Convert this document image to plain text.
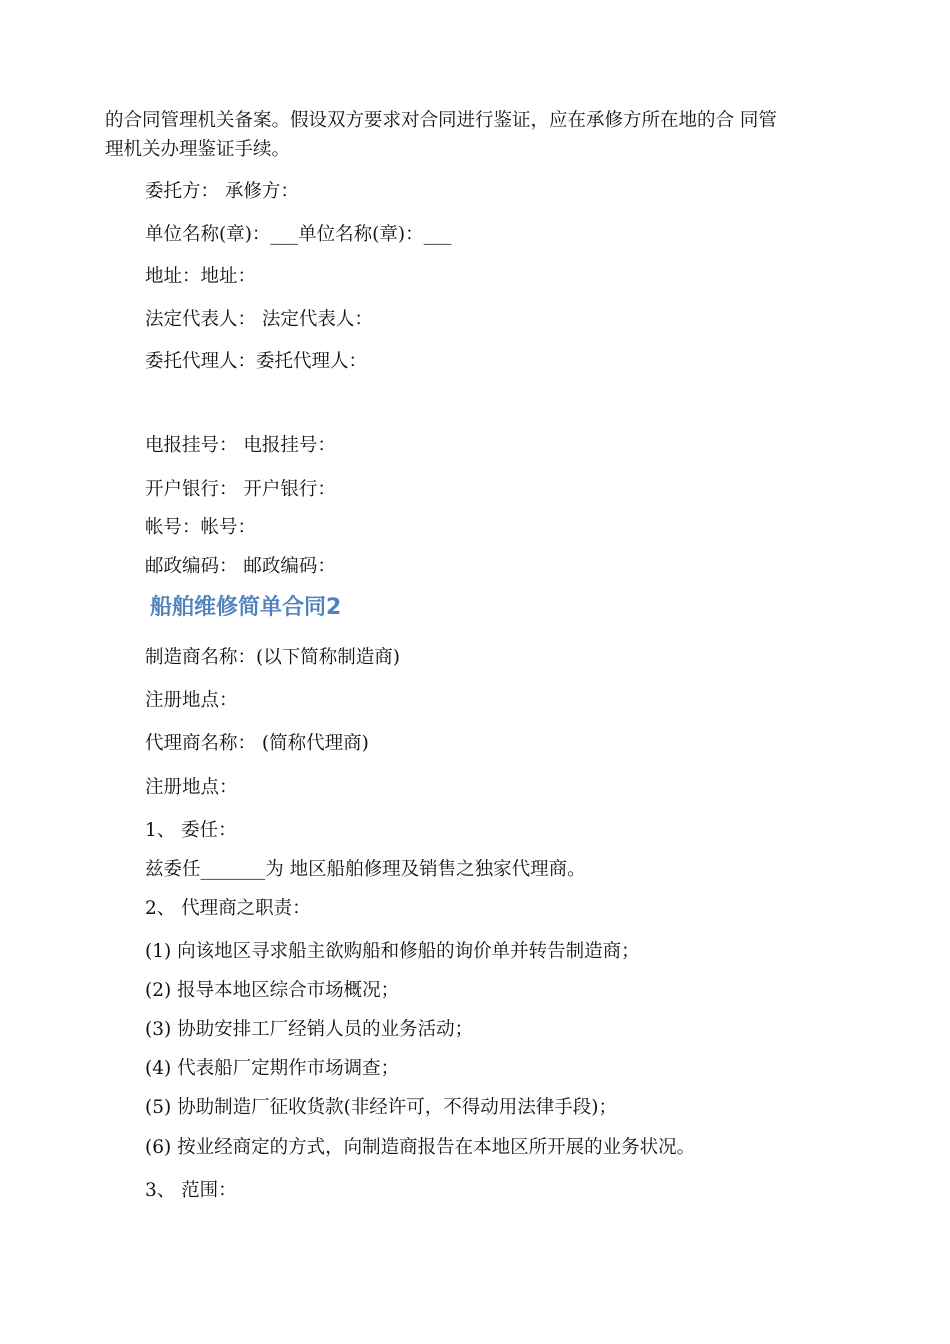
的合同管理机关备案。假设双方要求对合同进行鉴证，应在承修方所在地的合 同管
理机关办理鉴证手续。
委托方： 承修方：
单位名称(章)：___单位名称(章)：___
地址：地址：
法定代表人： 法定代表人：
委托代理人：委托代理人：
电报挂号： 电报挂号：
开户银行： 开户银行：
帐号：帐号：
邮政编码： 邮政编码：
船舶维修简单合同2
制造商名称：(以下简称制造商)
注册地点：
代理商名称： (简称代理商)
注册地点：
1、 委任：
兹委任_______为 地区船舶修理及销售之独家代理商。
2、 代理商之职责：
(1) 向该地区寻求船主欲购船和修船的询价单并转告制造商；
(2) 报导本地区综合市场概况；
(3) 协助安排工厂经销人员的业务活动；
(4) 代表船厂定期作市场调查；
(5) 协助制造厂征收货款(非经许可，不得动用法律手段)；
(6) 按业经商定的方式，向制造商报告在本地区所开展的业务状况。
3、 范围：
